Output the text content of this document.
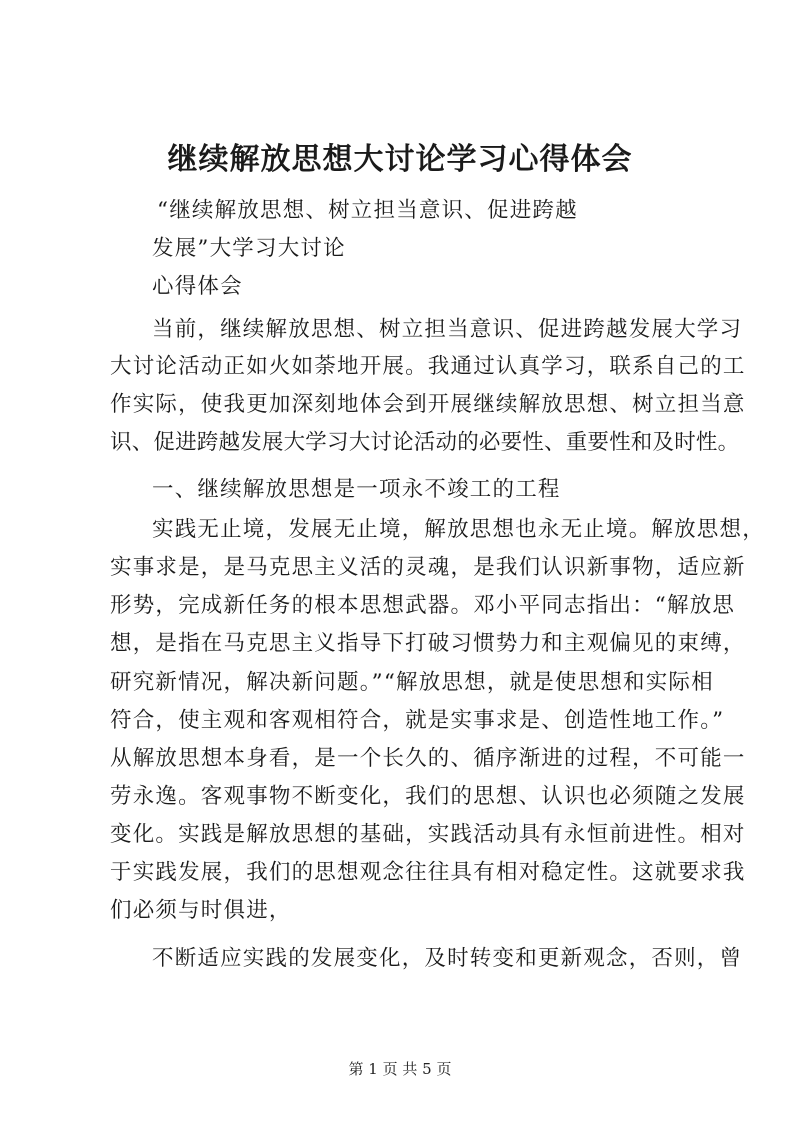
继续解放思想大讨论学习心得体会
“继续解放思想、树立担当意识、促进跨越
发展”大学习大讨论
心得体会
当前，继续解放思想、树立担当意识、促进跨越发展大学习
大讨论活动正如火如荼地开展。我通过认真学习，联系自己的工
作实际，使我更加深刻地体会到开展继续解放思想、树立担当意
识、促进跨越发展大学习大讨论活动的必要性、重要性和及时性。
一、继续解放思想是一项永不竣工的工程
实践无止境，发展无止境，解放思想也永无止境。解放思想，
实事求是，是马克思主义活的灵魂，是我们认识新事物，适应新
形势，完成新任务的根本思想武器。邓小平同志指出：“解放思
想，是指在马克思主义指导下打破习惯势力和主观偏见的束缚，
研究新情况，解决新问题。”“解放思想，就是使思想和实际相
符合，使主观和客观相符合，就是实事求是、创造性地工作。”
从解放思想本身看，是一个长久的、循序渐进的过程，不可能一
劳永逸。客观事物不断变化，我们的思想、认识也必须随之发展
变化。实践是解放思想的基础，实践活动具有永恒前进性。相对
于实践发展，我们的思想观念往往具有相对稳定性。这就要求我
们必须与时俱进，
不断适应实践的发展变化，及时转变和更新观念，否则，曾
第 1 页 共 5 页
